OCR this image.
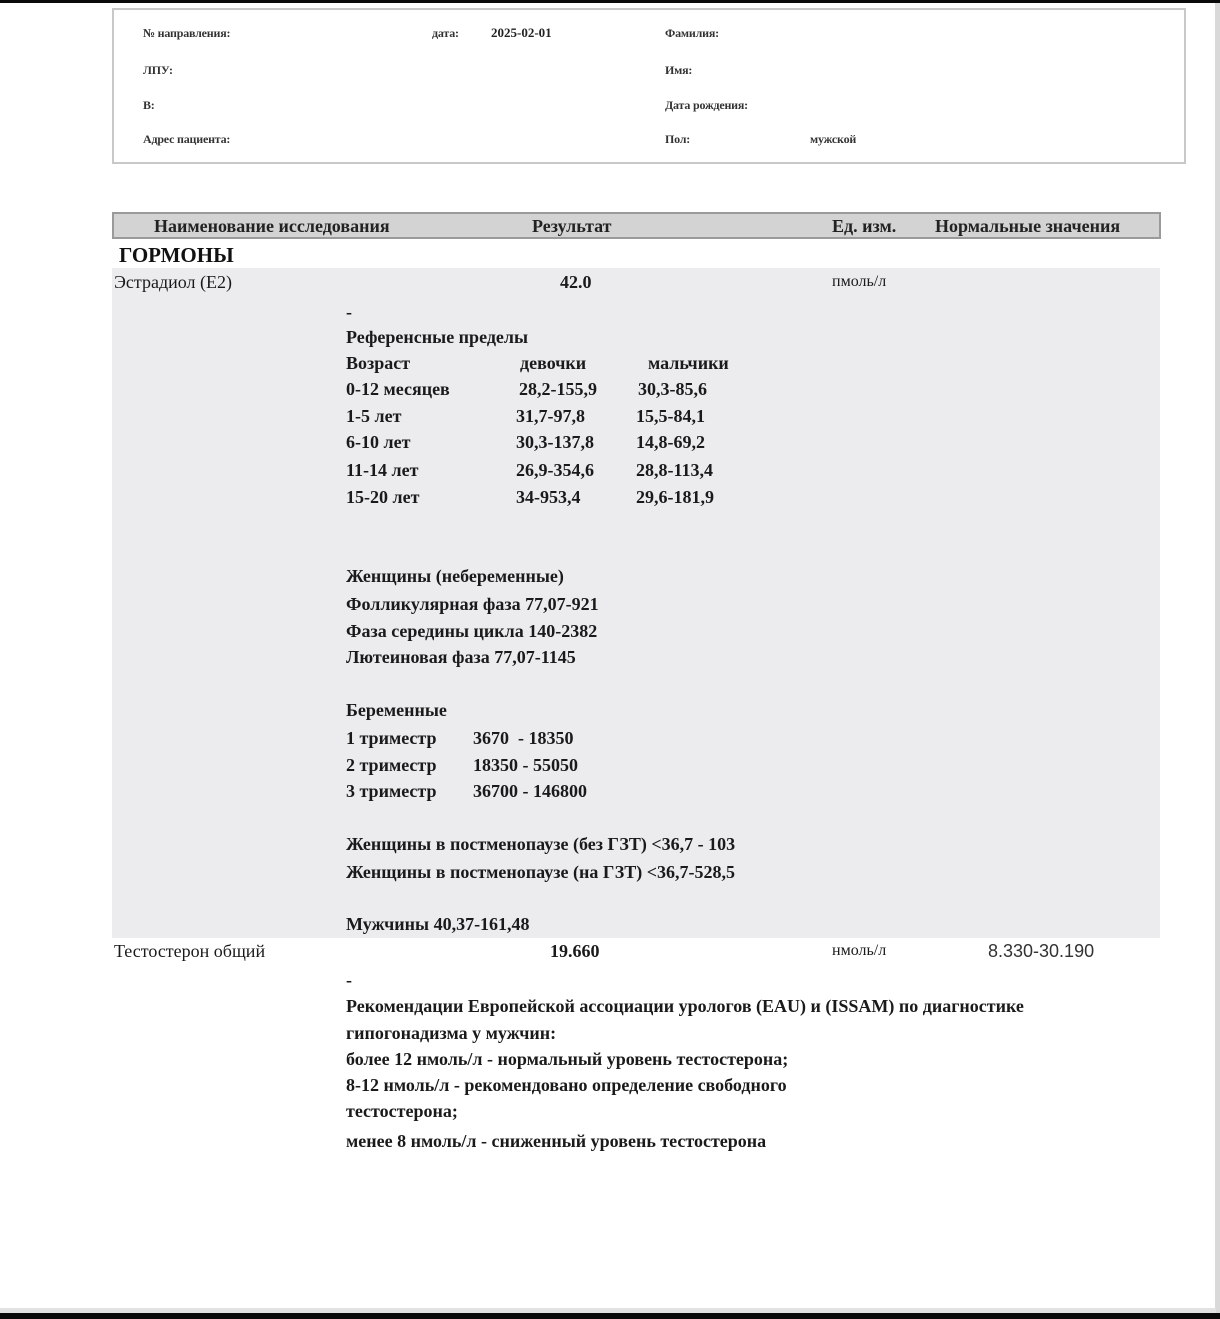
№ направления:	дата: 2025-02-01
ЛПУ:
В:
Адрес пациента:
Фамилия:
Имя:
Дата рождения:
Пол:	мужской
Наименование исследования	Результат	Ед. изм. Нормальные значения
ГОРМОНЫ
Эстрадиол (Е2)	42.0	пмоль/л
-
Референсные пределы
Возраст	девочки	мальчики
0-12 месяцев	28,2-155,9 30,3-85,6
1-5 лет	31,7-97,8	15,5-84,1
6-10 лет	30,3-137,8 14,8-69,2
11-14 лет	26,9-354,6 28,8-113,4
15-20 лет	34-953,4	29,6-181,9
Женщины (небеременные)
Фолликулярная фаза 77,07-921
Фаза середины цикла 140-2382
Лютеиновая фаза 77,07-1145
Беременные
1 триместр 3670  - 18350
2 триместр 18350 - 55050
3 триместр 36700 - 146800
Женщины в постменопаузе (без ГЗТ) <36,7 - 103
Женщины в постменопаузе (на ГЗТ) <36,7-528,5
Мужчины 40,37-161,48
Тестостерон общий	19.660	нмоль/л	8.330-30.190
-
Рекомендации Европейской ассоциации урологов (EAU) и (ISSAM) по диагностике
гипогонадизма у мужчин:
более 12 нмоль/л - нормальный уровень тестостерона;
8-12 нмоль/л - рекомендовано определение свободного
тестостерона;
менее 8 нмоль/л - сниженный уровень тестостерона
